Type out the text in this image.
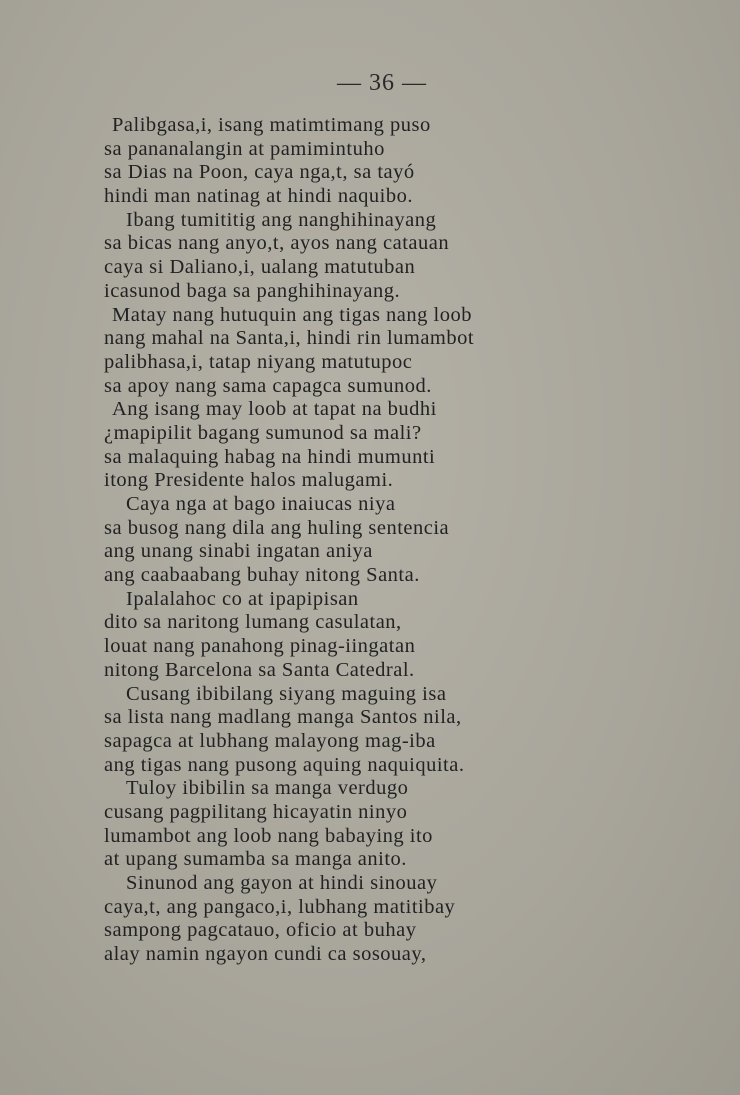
— 36 —
Palibgasa,i, isang matimtimang puso
sa pananalangin at pamimintuho
sa Dias na Poon, caya nga,t, sa tayó
hindi man natinag at hindi naquibo.
Ibang tumititig ang nanghihinayang
sa bicas nang anyo,t, ayos nang catauan
caya si Daliano,i, ualang matutuban
icasunod baga sa panghihinayang.
Matay nang hutuquin ang tigas nang loob
nang mahal na Santa,i, hindi rin lumambot
palibhasa,i, tatap niyang matutupoc
sa apoy nang sama capagca sumunod.
Ang isang may loob at tapat na budhi
¿mapipilit bagang sumunod sa mali?
sa malaquing habag na hindi mumunti
itong Presidente halos malugami.
Caya nga at bago inaiucas niya
sa busog nang dila ang huling sentencia
ang unang sinabi ingatan aniya
ang caabaabang buhay nitong Santa.
Ipalalahoc co at ipapipisan
dito sa naritong lumang casulatan,
louat nang panahong pinag-iingatan
nitong Barcelona sa Santa Catedral.
Cusang ibibilang siyang maguing isa
sa lista nang madlang manga Santos nila,
sapagca at lubhang malayong mag-iba
ang tigas nang pusong aquing naquiquita.
Tuloy ibibilin sa manga verdugo
cusang pagpilitang hicayatin ninyo
lumambot ang loob nang babaying ito
at upang sumamba sa manga anito.
Sinunod ang gayon at hindi sinouay
caya,t, ang pangaco,i, lubhang matitibay
sampong pagcatauo, oficio at buhay
alay namin ngayon cundi ca sosouay,
